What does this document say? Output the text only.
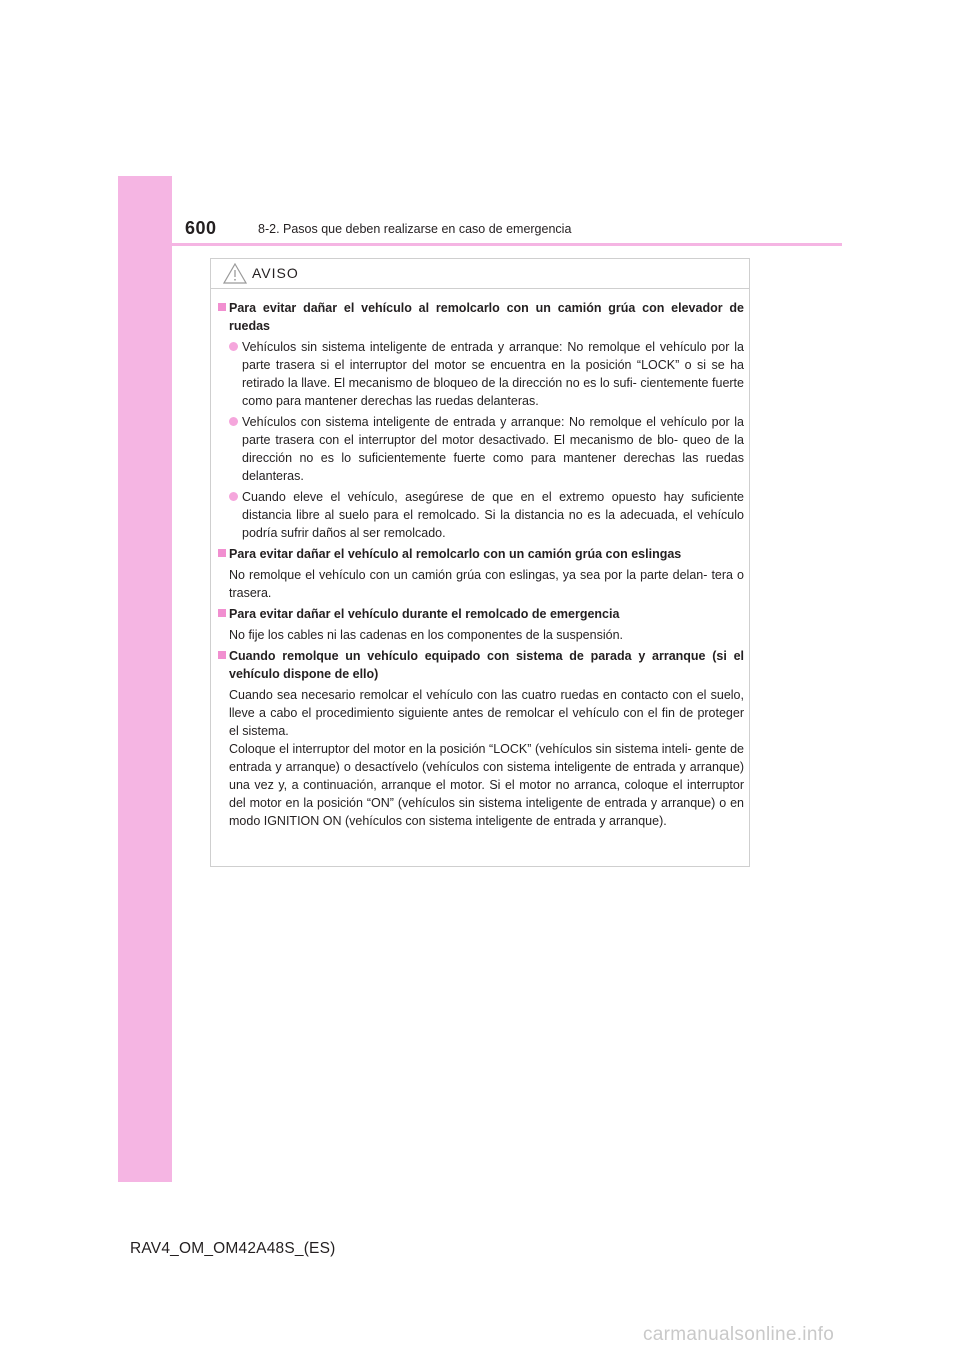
600	8-2. Pasos que deben realizarse en caso de emergencia
AVISO
Para evitar dañar el vehículo al remolcarlo con un camión grúa con elevador de ruedas
Vehículos sin sistema inteligente de entrada y arranque: No remolque el vehículo por la parte trasera si el interruptor del motor se encuentra en la posición “LOCK” o si se ha retirado la llave. El mecanismo de bloqueo de la dirección no es lo sufi- cientemente fuerte como para mantener derechas las ruedas delanteras.
Vehículos con sistema inteligente de entrada y arranque: No remolque el vehículo por la parte trasera con el interruptor del motor desactivado. El mecanismo de blo- queo de la dirección no es lo suficientemente fuerte como para mantener derechas las ruedas delanteras.
Cuando eleve el vehículo, asegúrese de que en el extremo opuesto hay suficiente distancia libre al suelo para el remolcado. Si la distancia no es la adecuada, el vehículo podría sufrir daños al ser remolcado.
Para evitar dañar el vehículo al remolcarlo con un camión grúa con eslingas
No remolque el vehículo con un camión grúa con eslingas, ya sea por la parte delan- tera o trasera.
Para evitar dañar el vehículo durante el remolcado de emergencia
No fije los cables ni las cadenas en los componentes de la suspensión.
Cuando remolque un vehículo equipado con sistema de parada y arranque (si el vehículo dispone de ello)
Cuando sea necesario remolcar el vehículo con las cuatro ruedas en contacto con el suelo, lleve a cabo el procedimiento siguiente antes de remolcar el vehículo con el fin de proteger el sistema.
Coloque el interruptor del motor en la posición “LOCK” (vehículos sin sistema inteli- gente de entrada y arranque) o desactívelo (vehículos con sistema inteligente de entrada y arranque) una vez y, a continuación, arranque el motor. Si el motor no arranca, coloque el interruptor del motor en la posición “ON” (vehículos sin sistema inteligente de entrada y arranque) o en modo IGNITION ON (vehículos con sistema inteligente de entrada y arranque).
RAV4_OM_OM42A48S_(ES)
carmanualsonline.info
